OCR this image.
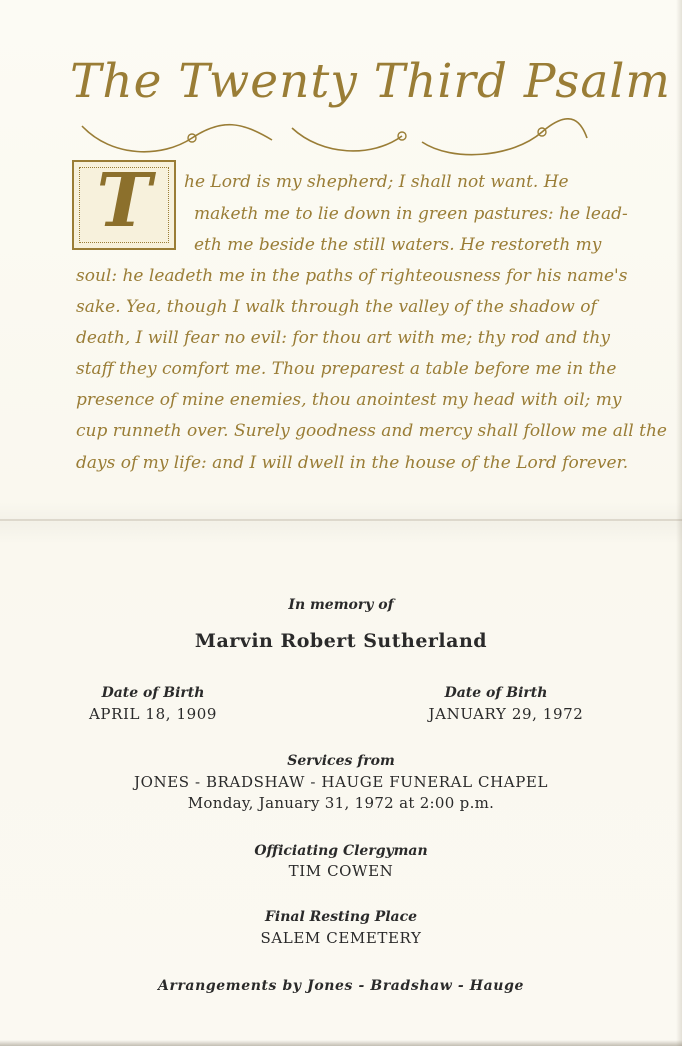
The Twenty Third Psalm
T	he Lord is my shepherd; I shall not want. He

maketh me to lie down in green pastures: he lead-

eth me beside the still waters. He restoreth my

soul: he leadeth me in the paths of righteousness for his name's

sake. Yea, though I walk through the valley of the shadow of

death, I will fear no evil: for thou art with me; thy rod and thy

staff they comfort me. Thou preparest a table before me in the

presence of mine enemies, thou anointest my head with oil; my

cup runneth over. Surely goodness and mercy shall follow me all the

days of my life: and I will dwell in the house of the Lord forever.

In memory of

Marvin Robert Sutherland

Date of Birth

APRIL 18, 1909

Date of Birth

JANUARY 29, 1972

Services from

JONES - BRADSHAW - HAUGE FUNERAL CHAPEL

Monday, January 31, 1972 at 2:00 p.m.

Officiating Clergyman

TIM COWEN

Final Resting Place

SALEM CEMETERY

Arrangements by Jones - Bradshaw - Hauge
